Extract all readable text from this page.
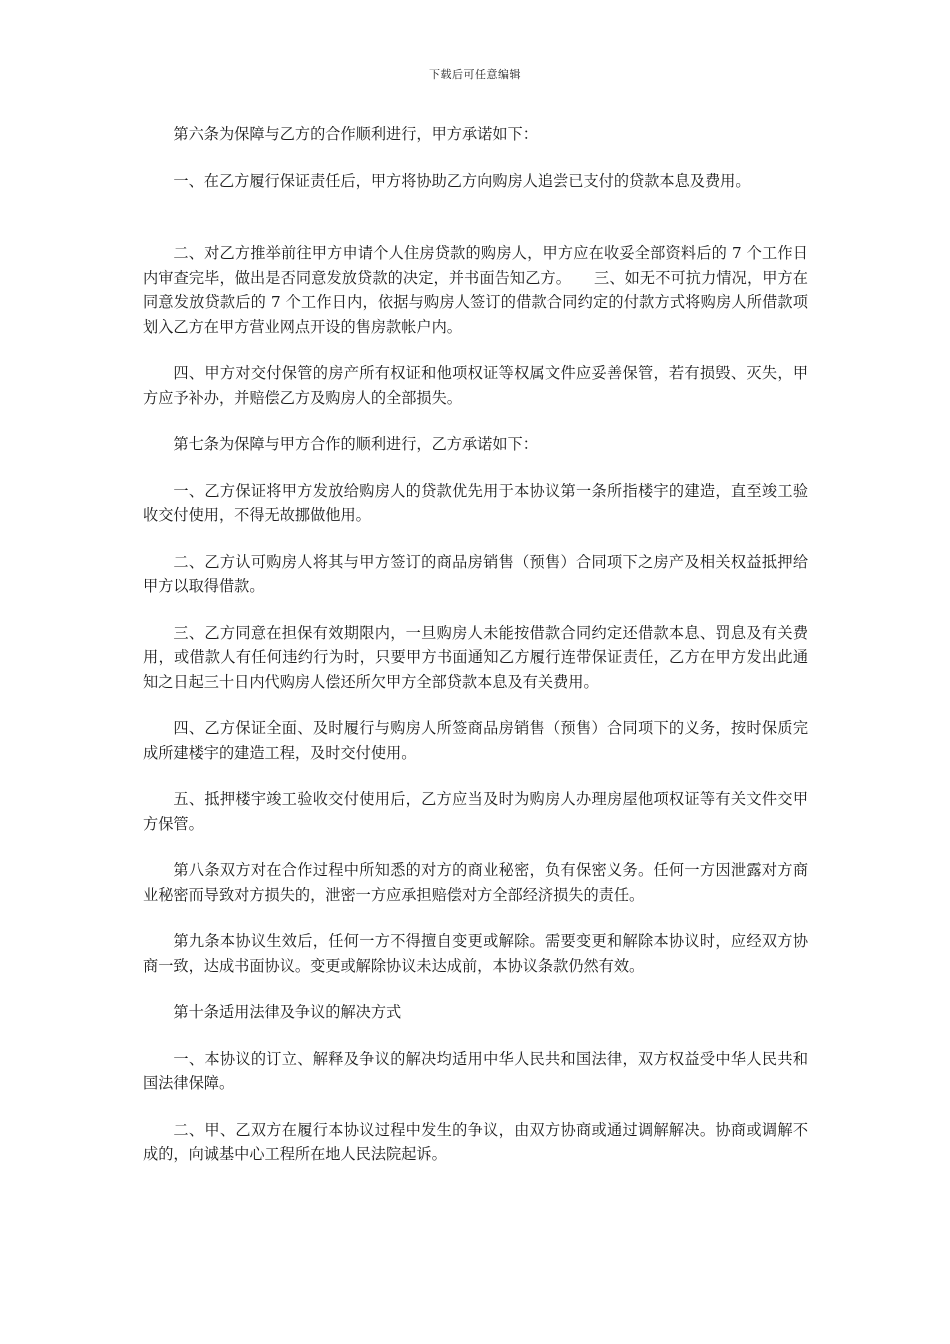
下载后可任意编辑

第六条为保障与乙方的合作顺利进行，甲方承诺如下：

一、在乙方履行保证责任后，甲方将协助乙方向购房人追尝已支付的贷款本息及费用。

二、对乙方推举前往甲方申请个人住房贷款的购房人，甲方应在收妥全部资料后的 7 个工作日内审查完毕，做出是否同意发放贷款的决定，并书面告知乙方。　　三、如无不可抗力情况，甲方在同意发放贷款后的 7 个工作日内，依据与购房人签订的借款合同约定的付款方式将购房人所借款项划入乙方在甲方营业网点开设的售房款帐户内。

四、甲方对交付保管的房产所有权证和他项权证等权属文件应妥善保管，若有损毁、灭失，甲方应予补办，并赔偿乙方及购房人的全部损失。

第七条为保障与甲方合作的顺利进行，乙方承诺如下：

一、乙方保证将甲方发放给购房人的贷款优先用于本协议第一条所指楼宇的建造，直至竣工验收交付使用，不得无故挪做他用。

二、乙方认可购房人将其与甲方签订的商品房销售（预售）合同项下之房产及相关权益抵押给甲方以取得借款。

三、乙方同意在担保有效期限内，一旦购房人未能按借款合同约定还借款本息、罚息及有关费用，或借款人有任何违约行为时，只要甲方书面通知乙方履行连带保证责任，乙方在甲方发出此通知之日起三十日内代购房人偿还所欠甲方全部贷款本息及有关费用。

四、乙方保证全面、及时履行与购房人所签商品房销售（预售）合同项下的义务，按时保质完成所建楼宇的建造工程，及时交付使用。

五、抵押楼宇竣工验收交付使用后，乙方应当及时为购房人办理房屋他项权证等有关文件交甲方保管。

第八条双方对在合作过程中所知悉的对方的商业秘密，负有保密义务。任何一方因泄露对方商业秘密而导致对方损失的，泄密一方应承担赔偿对方全部经济损失的责任。

第九条本协议生效后，任何一方不得擅自变更或解除。需要变更和解除本协议时，应经双方协商一致，达成书面协议。变更或解除协议未达成前，本协议条款仍然有效。

第十条适用法律及争议的解决方式

一、本协议的订立、解释及争议的解决均适用中华人民共和国法律，双方权益受中华人民共和国法律保障。

二、甲、乙双方在履行本协议过程中发生的争议，由双方协商或通过调解解决。协商或调解不成的，向诚基中心工程所在地人民法院起诉。
